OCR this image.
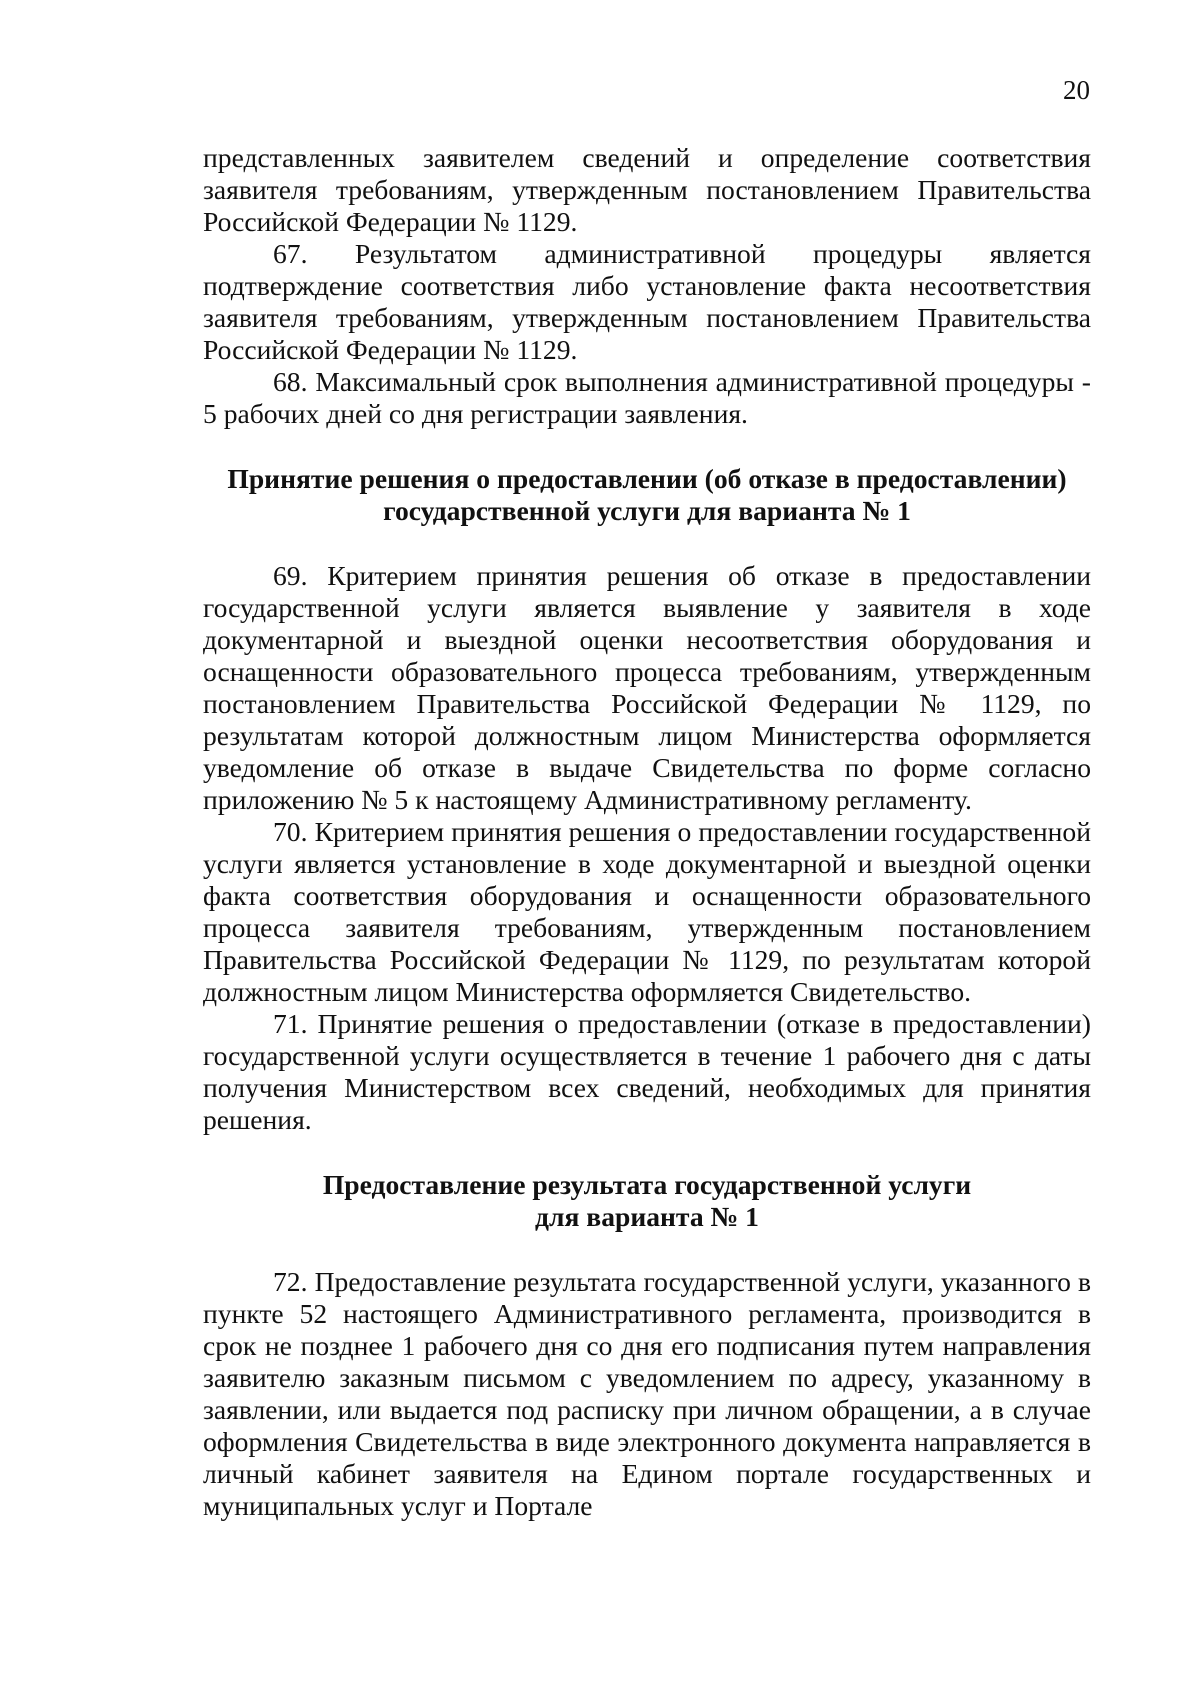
20

представленных заявителем сведений и определение соответствия заявителя требованиям, утвержденным постановлением Правительства Российской Федерации № 1129.

67. Результатом административной процедуры является подтверждение соответствия либо установление факта несоответствия заявителя требованиям, утвержденным постановлением Правительства Российской Федерации № 1129.

68. Максимальный срок выполнения административной процедуры - 5 рабочих дней со дня регистрации заявления.

Принятие решения о предоставлении (об отказе в предоставлении)

государственной услуги для варианта № 1

69. Критерием принятия решения об отказе в предоставлении государственной услуги является выявление у заявителя в ходе документарной и выездной оценки несоответствия оборудования и оснащенности образовательного процесса требованиям, утвержденным постановлением Правительства Российской Федерации № 1129, по результатам которой должностным лицом Министерства оформляется уведомление об отказе в выдаче Свидетельства по форме согласно приложению № 5 к настоящему Административному регламенту.

70. Критерием принятия решения о предоставлении государственной услуги является установление в ходе документарной и выездной оценки факта соответствия оборудования и оснащенности образовательного процесса заявителя требованиям, утвержденным постановлением Правительства Российской Федерации № 1129, по результатам которой должностным лицом Министерства оформляется Свидетельство.

71. Принятие решения о предоставлении (отказе в предоставлении) государственной услуги осуществляется в течение 1 рабочего дня с даты получения Министерством всех сведений, необходимых для принятия решения.

Предоставление результата государственной услуги

для варианта № 1

72. Предоставление результата государственной услуги, указанного в пункте 52 настоящего Административного регламента, производится в срок не позднее 1 рабочего дня со дня его подписания путем направления заявителю заказным письмом с уведомлением по адресу, указанному в заявлении, или выдается под расписку при личном обращении, а в случае оформления Свидетельства в виде электронного документа направляется в личный кабинет заявителя на Едином портале государственных и муниципальных услуг и Портале
